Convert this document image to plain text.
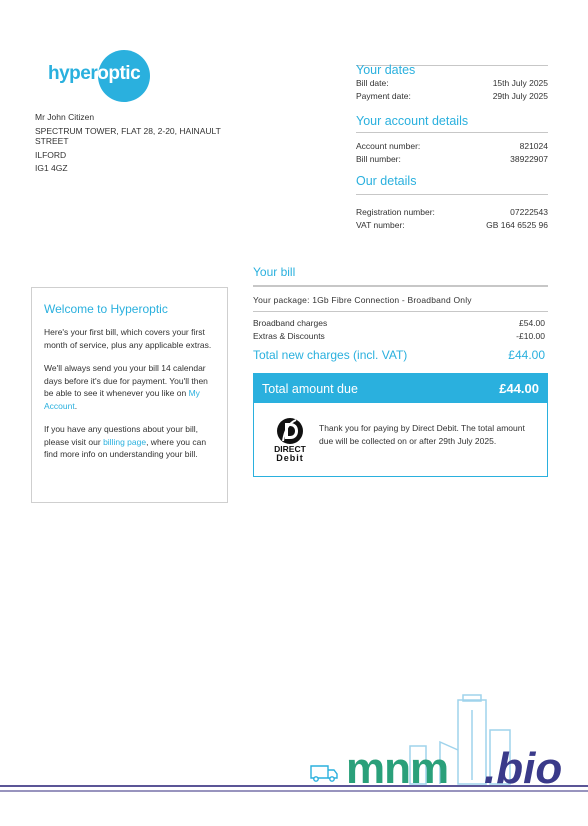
hyperoptic
Mr John Citizen
SPECTRUM TOWER, FLAT 28, 2-20, HAINAULT
STREET
ILFORD
IG1 4GZ
Your dates
Bill date:	15th July 2025
Payment date:	29th July 2025
Your account details
Account number:	821024
Bill number:	38922907
Our details
Registration number:	07222543
VAT number:	GB 164 6525 96
Welcome to Hyperoptic

Here's your first bill, which covers your first month of service, plus any applicable extras.

We'll always send you your bill 14 calendar days before it's due for payment. You'll then be able to see it whenever you like on My Account.

If you have any questions about your bill, please visit our billing page, where you can find more info on understanding your bill.

Your bill
Your package: 1Gb Fibre Connection - Broadband Only
Broadband charges	£54.00
Extras & Discounts	-£10.00
Total new charges (incl. VAT)	£44.00
Total amount due	£44.00
DIRECT
Debit
Thank you for paying by Direct Debit. The total amount due will be collected on or after 29th July 2025.
mnm .bio
